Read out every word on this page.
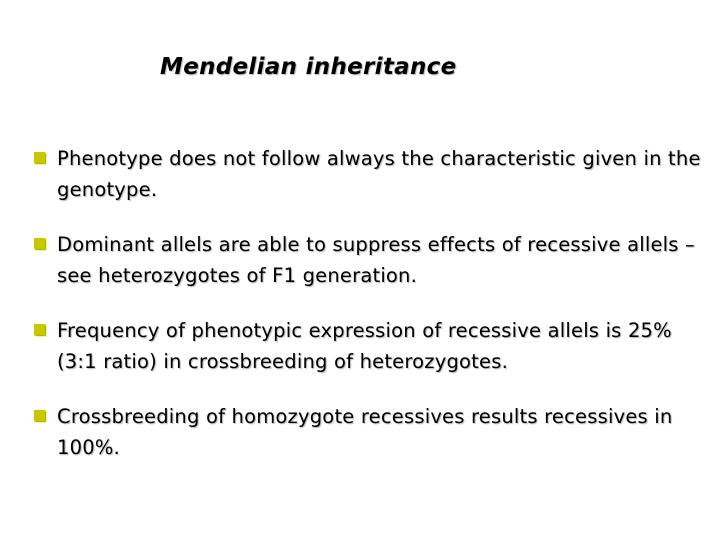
Mendelian inheritance
Phenotype does not follow always the characteristic given in the genotype.
Dominant allels are able to suppress effects of recessive allels – see heterozygotes of F1 generation.
Frequency of phenotypic expression of recessive allels is 25% (3:1 ratio) in crossbreeding of heterozygotes.
Crossbreeding of homozygote recessives results recessives in 100%.
